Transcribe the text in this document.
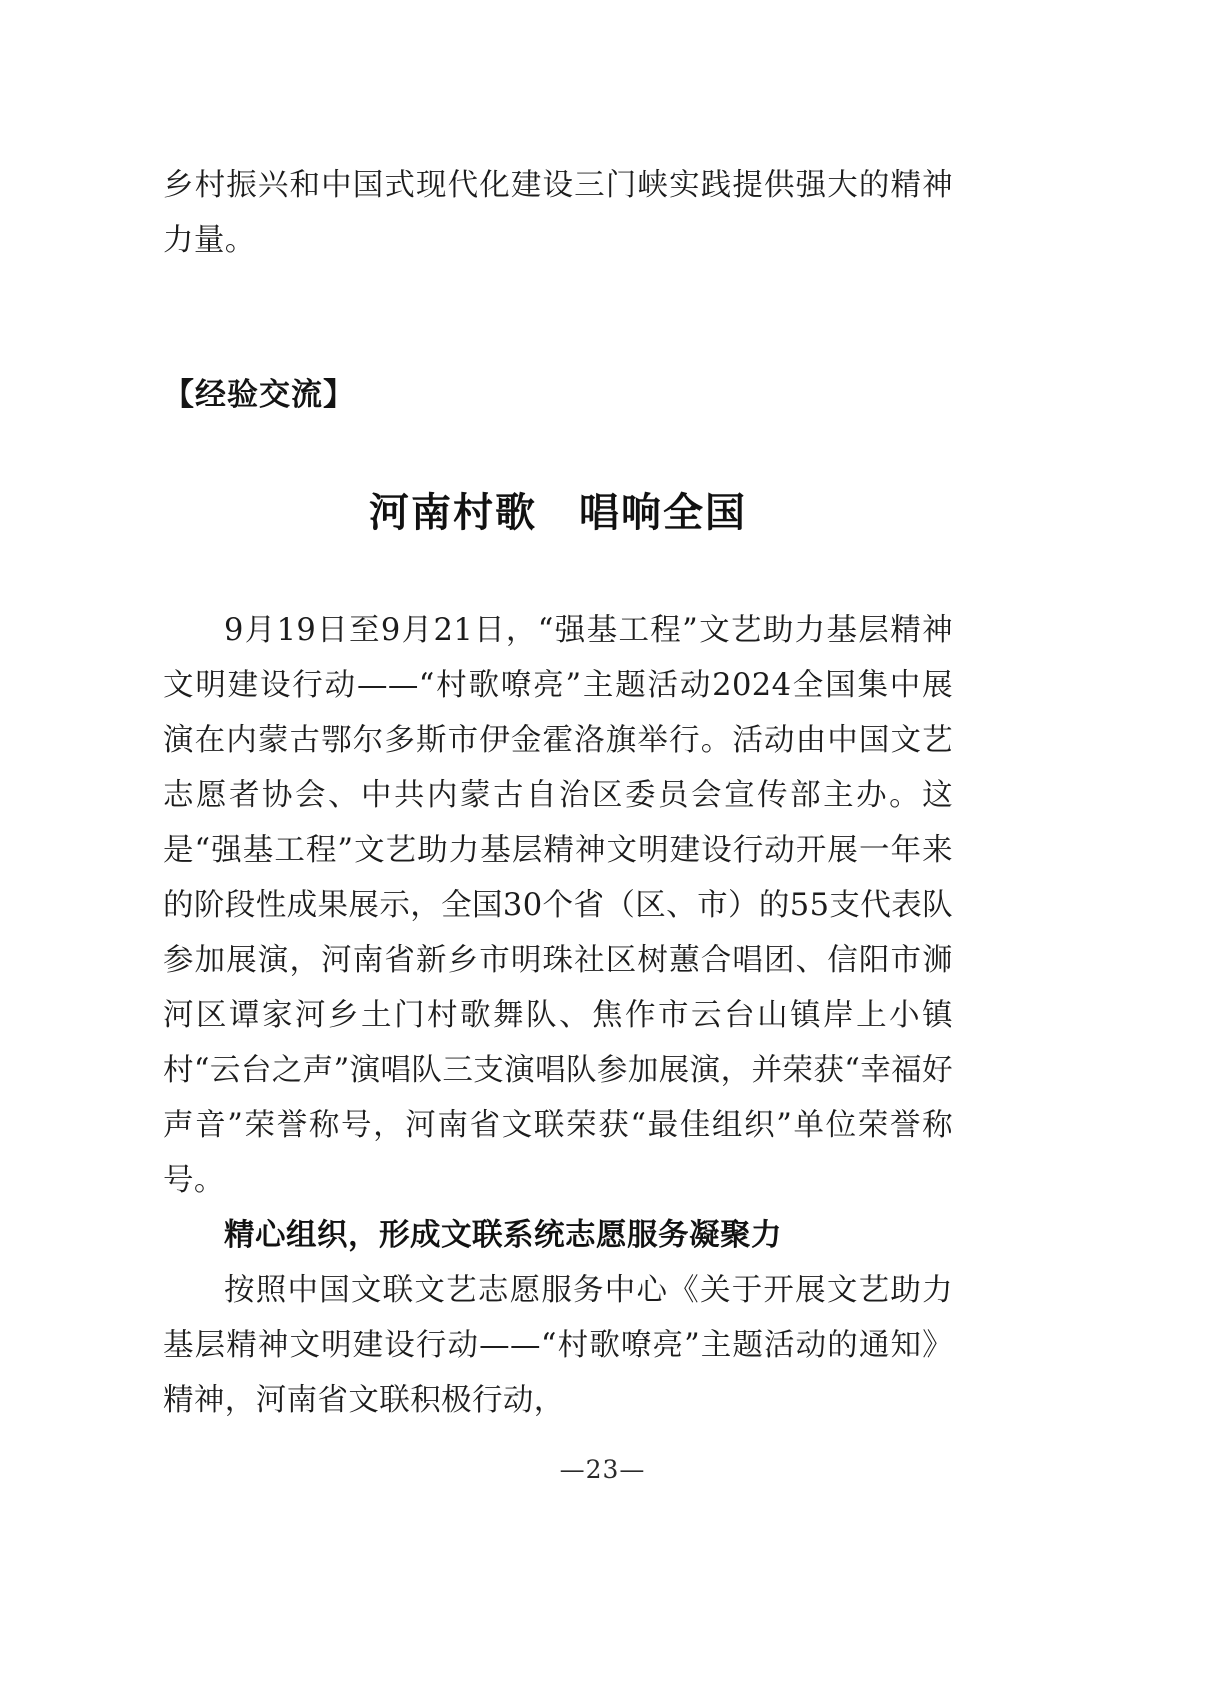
乡村振兴和中国式现代化建设三门峡实践提供强大的精神力量。

【经验交流】
河南村歌　唱响全国

9月19日至9月21日，“强基工程”文艺助力基层精神文明建设行动——“村歌嘹亮”主题活动2024全国集中展演在内蒙古鄂尔多斯市伊金霍洛旗举行。活动由中国文艺志愿者协会、中共内蒙古自治区委员会宣传部主办。这是“强基工程”文艺助力基层精神文明建设行动开展一年来的阶段性成果展示，全国30个省（区、市）的55支代表队参加展演，河南省新乡市明珠社区树蕙合唱团、信阳市浉河区谭家河乡土门村歌舞队、焦作市云台山镇岸上小镇村“云台之声”演唱队三支演唱队参加展演，并荣获“幸福好声音”荣誉称号，河南省文联荣获“最佳组织”单位荣誉称号。

精心组织，形成文联系统志愿服务凝聚力

按照中国文联文艺志愿服务中心《关于开展文艺助力基层精神文明建设行动——“村歌嘹亮”主题活动的通知》精神，河南省文联积极行动，

—23—
